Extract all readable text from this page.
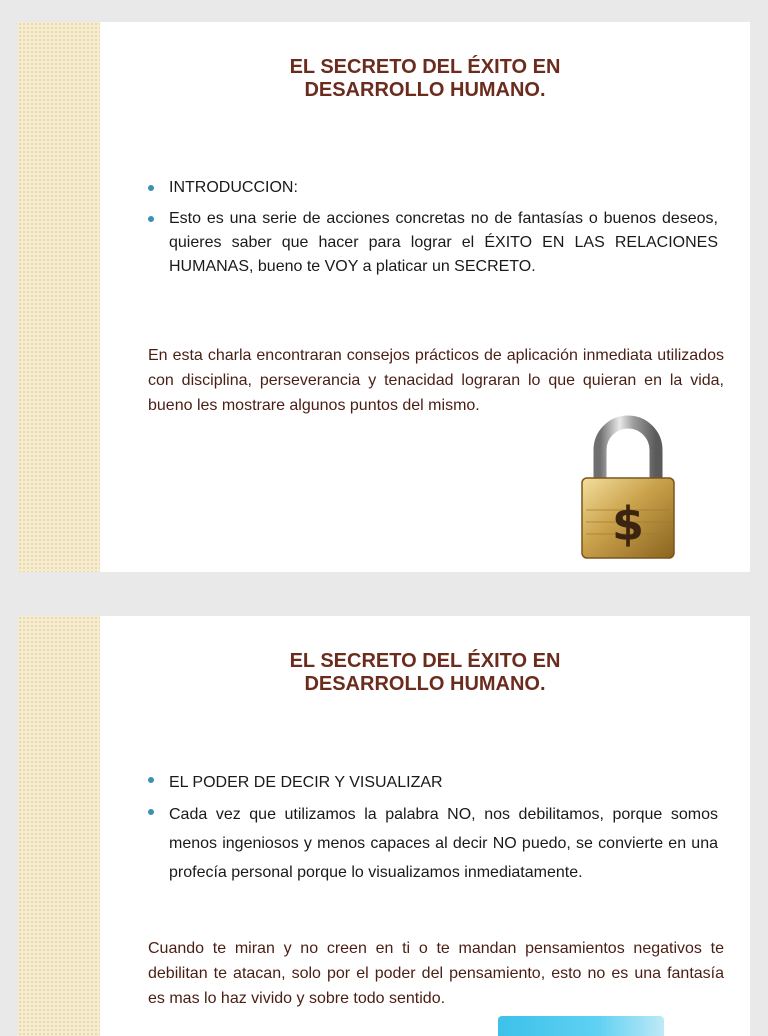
EL SECRETO DEL ÉXITO EN
DESARROLLO HUMANO.
INTRODUCCION:
Esto es una serie de acciones concretas no de fantasías o buenos deseos, quieres saber que hacer para lograr el ÉXITO EN LAS RELACIONES HUMANAS, bueno te VOY a platicar un SECRETO.

En esta charla encontraran consejos prácticos de aplicación inmediata utilizados con disciplina, perseverancia y tenacidad lograran lo que quieran en la vida, bueno les mostrare algunos puntos del mismo.

$
EL SECRETO DEL ÉXITO EN
DESARROLLO HUMANO.
EL PODER DE DECIR Y VISUALIZAR
Cada vez que utilizamos la palabra NO, nos debilitamos, porque somos menos ingeniosos y menos capaces al decir NO puedo, se convierte en una profecía personal porque lo visualizamos inmediatamente.

Cuando te miran y no creen en ti o te mandan pensamientos negativos te debilitan te atacan, solo por el poder del pensamiento, esto no es una fantasía es mas lo haz vivido y sobre todo sentido.
